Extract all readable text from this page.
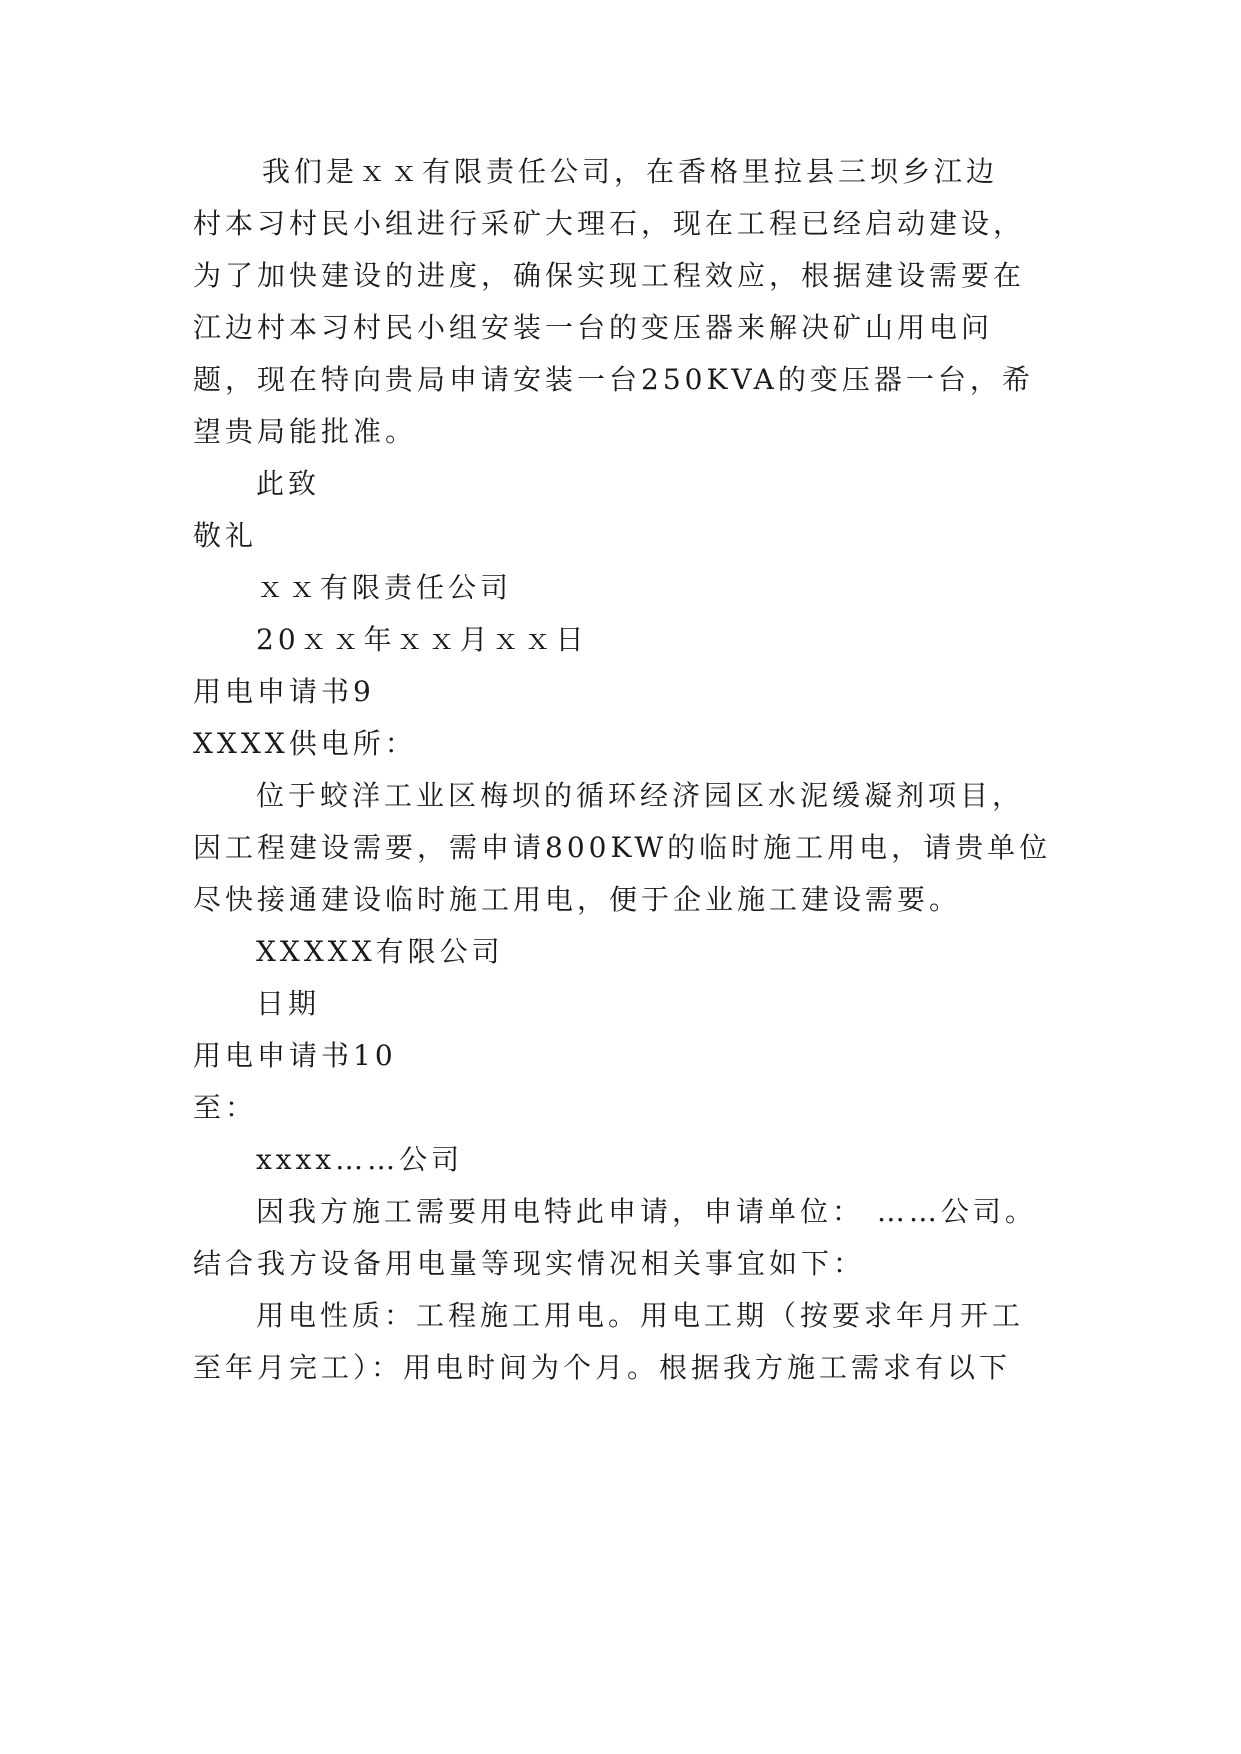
我们是ｘｘ有限责任公司，在香格里拉县三坝乡江边
村本习村民小组进行采矿大理石，现在工程已经启动建设，
为了加快建设的进度，确保实现工程效应，根据建设需要在
江边村本习村民小组安装一台的变压器来解决矿山用电问
题，现在特向贵局申请安装一台250KVA的变压器一台，希
望贵局能批准。
此致
敬礼
ｘｘ有限责任公司
20ｘｘ年ｘｘ月ｘｘ日
用电申请书9
XXXX供电所：
位于蛟洋工业区梅坝的循环经济园区水泥缓凝剂项目，
因工程建设需要，需申请800KW的临时施工用电，请贵单位
尽快接通建设临时施工用电，便于企业施工建设需要。
XXXXX有限公司
日期
用电申请书10
至：
xxxx……公司
因我方施工需要用电特此申请，申请单位： ……公司。
结合我方设备用电量等现实情况相关事宜如下：
用电性质：工程施工用电。用电工期（按要求年月开工
至年月完工）：用电时间为个月。根据我方施工需求有以下
